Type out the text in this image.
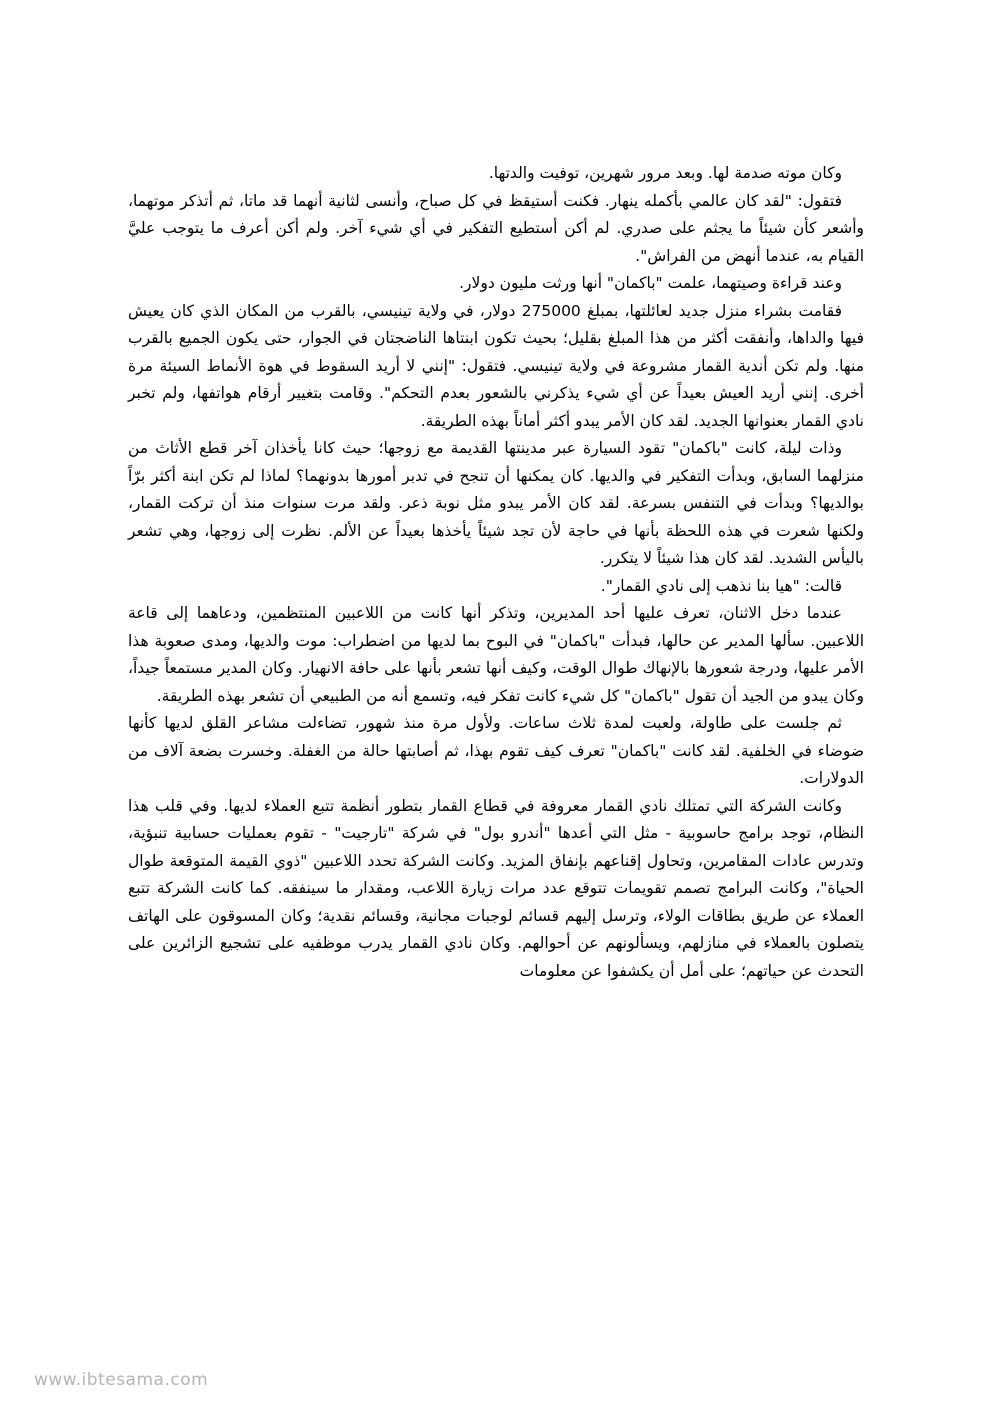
وكان موته صدمة لها. وبعد مرور شهرين، توفيت والدتها.

فتقول: "لقد كان عالمي بأكمله ينهار. فكنت أستيقظ في كل صباح، وأنسى لثانية أنهما قد ماتا، ثم أتذكر موتهما، وأشعر كأن شيئاً ما يجثم على صدري. لم أكن أستطيع التفكير في أي شيء آخر. ولم أكن أعرف ما يتوجب عليَّ القيام به، عندما أنهض من الفراش".

وعند قراءة وصيتهما، علمت "باكمان" أنها ورثت مليون دولار.

فقامت بشراء منزل جديد لعائلتها، بمبلغ 275000 دولار، في ولاية تينيسي، بالقرب من المكان الذي كان يعيش فيها والداها، وأنفقت أكثر من هذا المبلغ بقليل؛ بحيث تكون ابنتاها الناضجتان في الجوار، حتى يكون الجميع بالقرب منها. ولم تكن أندية القمار مشروعة في ولاية تينيسي. فتقول: "إنني لا أريد السقوط في هوة الأنماط السيئة مرة أخرى. إنني أريد العيش بعيداً عن أي شيء يذكرني بالشعور بعدم التحكم". وقامت بتغيير أرقام هواتفها، ولم تخبر نادي القمار بعنوانها الجديد. لقد كان الأمر يبدو أكثر أماناً بهذه الطريقة.

وذات ليلة، كانت "باكمان" تقود السيارة عبر مدينتها القديمة مع زوجها؛ حيث كانا يأخذان آخر قطع الأثاث من منزلهما السابق، وبدأت التفكير في والديها. كان يمكنها أن تنجح في تدبر أمورها بدونهما؟ لماذا لم تكن ابنة أكثر برّاً بوالديها؟ وبدأت في التنفس بسرعة. لقد كان الأمر يبدو مثل نوبة ذعر. ولقد مرت سنوات منذ أن تركت القمار، ولكنها شعرت في هذه اللحظة بأنها في حاجة لأن تجد شيئاً يأخذها بعيداً عن الألم. نظرت إلى زوجها، وهي تشعر باليأس الشديد. لقد كان هذا شيئاً لا يتكرر.

قالت: "هيا بنا نذهب إلى نادي القمار".

عندما دخل الاثنان، تعرف عليها أحد المديرين، وتذكر أنها كانت من اللاعبين المنتظمين، ودعاهما إلى قاعة اللاعبين. سألها المدير عن حالها، فبدأت "باكمان" في البوح بما لديها من اضطراب: موت والديها، ومدى صعوبة هذا الأمر عليها، ودرجة شعورها بالإنهاك طوال الوقت، وكيف أنها تشعر بأنها على حافة الانهيار. وكان المدير مستمعاً جيداً، وكان يبدو من الجيد أن تقول "باكمان" كل شيء كانت تفكر فيه، وتسمع أنه من الطبيعي أن تشعر بهذه الطريقة.

ثم جلست على طاولة، ولعبت لمدة ثلاث ساعات. ولأول مرة منذ شهور، تضاءلت مشاعر القلق لديها كأنها ضوضاء في الخلفية. لقد كانت "باكمان" تعرف كيف تقوم بهذا، ثم أصابتها حالة من الغفلة. وخسرت بضعة آلاف من الدولارات.

وكانت الشركة التي تمتلك نادي القمار معروفة في قطاع القمار بتطور أنظمة تتبع العملاء لديها. وفي قلب هذا النظام، توجد برامج حاسوبية - مثل التي أعدها "أندرو بول" في شركة "تارجيت" - تقوم بعمليات حسابية تنبؤية، وتدرس عادات المقامرين، وتحاول إقناعهم بإنفاق المزيد. وكانت الشركة تحدد اللاعبين "ذوي القيمة المتوقعة طوال الحياة"، وكانت البرامج تصمم تقويمات تتوقع عدد مرات زيارة اللاعب، ومقدار ما سينفقه. كما كانت الشركة تتبع العملاء عن طريق بطاقات الولاء، وترسل إليهم قسائم لوجبات مجانية، وقسائم نقدية؛ وكان المسوقون على الهاتف يتصلون بالعملاء في منازلهم، ويسألونهم عن أحوالهم. وكان نادي القمار يدرب موظفيه على تشجيع الزائرين على التحدث عن حياتهم؛ على أمل أن يكشفوا عن معلومات

www.ibtesama.com
